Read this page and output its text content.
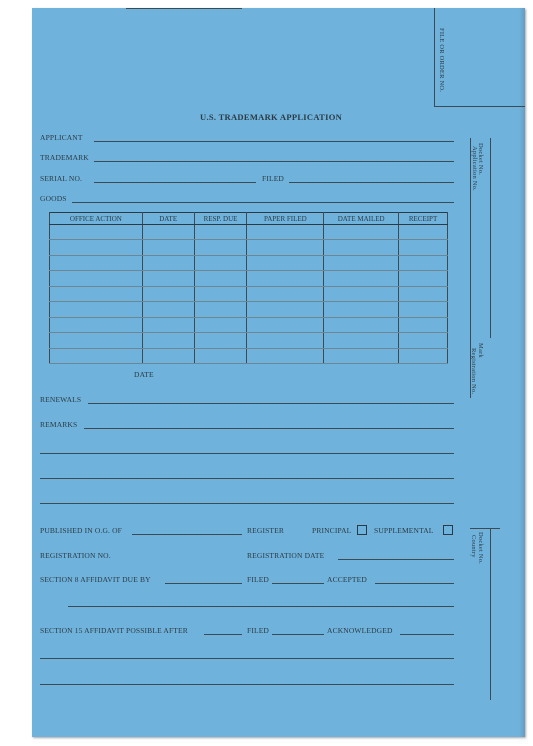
FILE OR ORDER NO.
U.S. TRADEMARK APPLICATION
APPLICANT
TRADEMARK
SERIAL NO.	FILED
GOODS
OFFICE ACTION	DATE	RESP. DUE	PAPER FILED	DATE MAILED	RECEIPT

DATE
RENEWALS
REMARKS
PUBLISHED IN O.G. OF	REGISTER	PRINCIPAL	SUPPLEMENTAL
REGISTRATION NO.	REGISTRATION DATE
SECTION 8 AFFIDAVIT DUE BY	FILED	ACCEPTED
SECTION 15 AFFIDAVIT POSSIBLE AFTER	FILED	ACKNOWLEDGED
Docket No.
Application No.
Mark
Registration No.
Docket No.
Country
